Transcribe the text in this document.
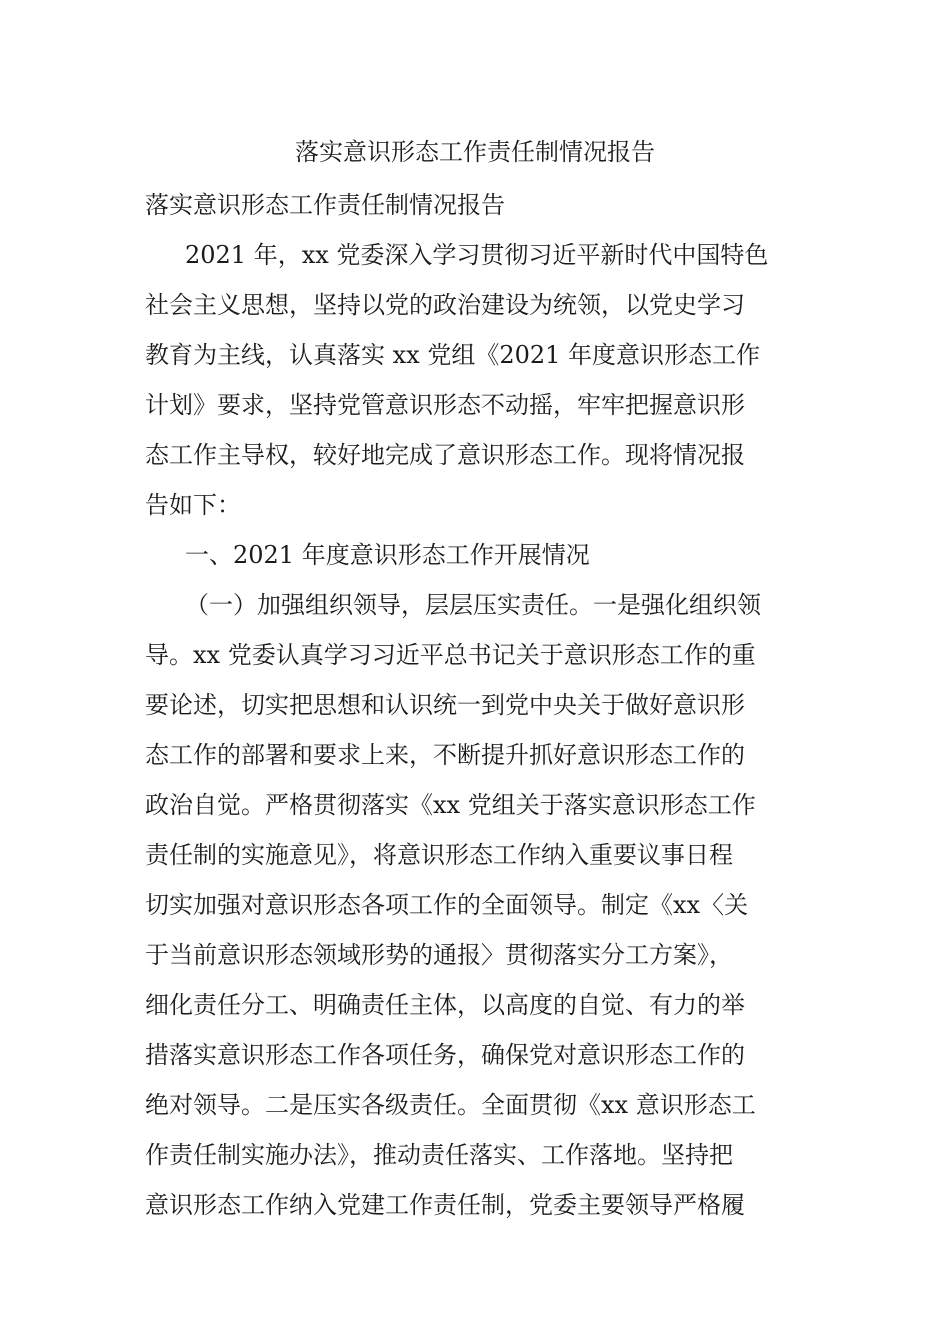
落实意识形态工作责任制情况报告
落实意识形态工作责任制情况报告
2021 年，xx 党委深入学习贯彻习近平新时代中国特色
社会主义思想，坚持以党的政治建设为统领，以党史学习
教育为主线，认真落实 xx 党组《2021 年度意识形态工作
计划》要求，坚持党管意识形态不动摇，牢牢把握意识形
态工作主导权，较好地完成了意识形态工作。现将情况报
告如下：
一、2021 年度意识形态工作开展情况
（一）加强组织领导，层层压实责任。一是强化组织领
导。xx 党委认真学习习近平总书记关于意识形态工作的重
要论述，切实把思想和认识统一到党中央关于做好意识形
态工作的部署和要求上来，不断提升抓好意识形态工作的
政治自觉。严格贯彻落实《xx 党组关于落实意识形态工作
责任制的实施意见》，将意识形态工作纳入重要议事日程
切实加强对意识形态各项工作的全面领导。制定《xx〈关
于当前意识形态领域形势的通报〉贯彻落实分工方案》，
细化责任分工、明确责任主体，以高度的自觉、有力的举
措落实意识形态工作各项任务，确保党对意识形态工作的
绝对领导。二是压实各级责任。全面贯彻《xx 意识形态工
作责任制实施办法》，推动责任落实、工作落地。坚持把
意识形态工作纳入党建工作责任制，党委主要领导严格履
